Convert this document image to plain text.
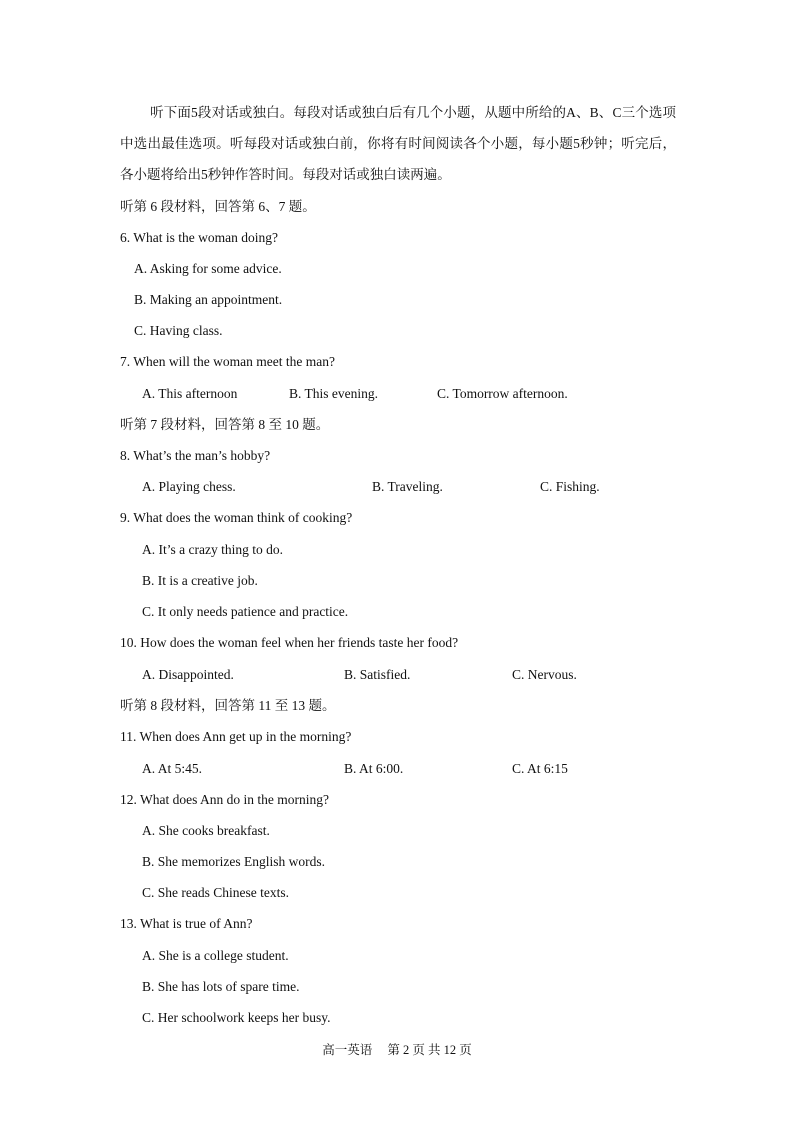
听下面5段对话或独白。每段对话或独白后有几个小题，从题中所给的A、B、C三个选项中选出最佳选项。听每段对话或独白前，你将有时间阅读各个小题，每小题5秒钟；听完后，各小题将给出5秒钟作答时间。每段对话或独白读两遍。
听第 6 段材料，回答第 6、7 题。
6. What is the woman doing?
A. Asking for some advice.
B. Making an appointment.
C. Having class.
7. When will the woman meet the man?
A. This afternoon	B. This evening.	C. Tomorrow afternoon.
听第 7 段材料，回答第 8 至 10 题。
8. What’s the man’s hobby?
A. Playing chess.	B. Traveling.	C. Fishing.
9. What does the woman think of cooking?
A. It’s a crazy thing to do.
B. It is a creative job.
C. It only needs patience and practice.
10. How does the woman feel when her friends taste her food?
A. Disappointed.	B. Satisfied.	C. Nervous.
听第 8 段材料，回答第 11 至 13 题。
11. When does Ann get up in the morning?
A. At 5:45.	B. At 6:00.	C. At 6:15
12. What does Ann do in the morning?
A. She cooks breakfast.
B. She memorizes English words.
C. She reads Chinese texts.
13. What is true of Ann?
A. She is a college student.
B. She has lots of spare time.
C. Her schoolwork keeps her busy.
高一英语 第 2 页 共 12 页
